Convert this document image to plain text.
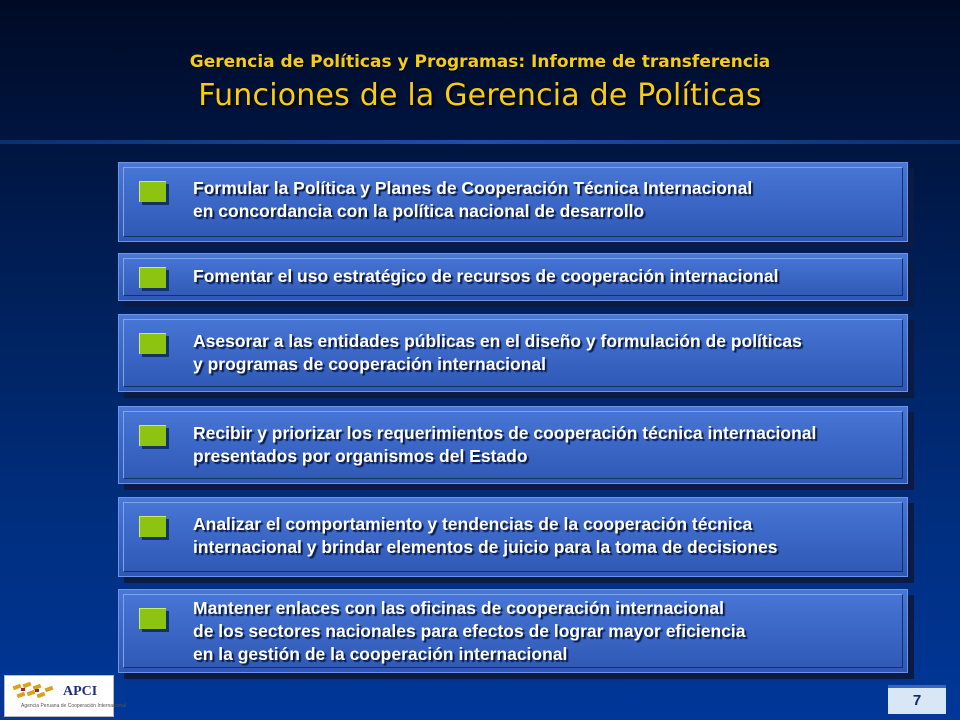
Gerencia de Políticas y Programas: Informe de transferencia
Funciones de la Gerencia de Políticas
Formular la Política y Planes de Cooperación Técnica Internacional
en concordancia con la política nacional de desarrollo
Fomentar el uso estratégico de recursos de cooperación internacional
Asesorar a las entidades públicas en el diseño y formulación de políticas
y programas de cooperación internacional
Recibir y priorizar los requerimientos de cooperación técnica internacional
presentados por organismos del Estado
Analizar el comportamiento y tendencias de la cooperación técnica
internacional y brindar elementos de juicio para la toma de decisiones
Mantener enlaces con las oficinas de cooperación internacional
de los sectores nacionales para efectos de lograr mayor eficiencia
en la gestión de la cooperación internacional
APCI
Agencia Peruana de Cooperación Internacional	7
